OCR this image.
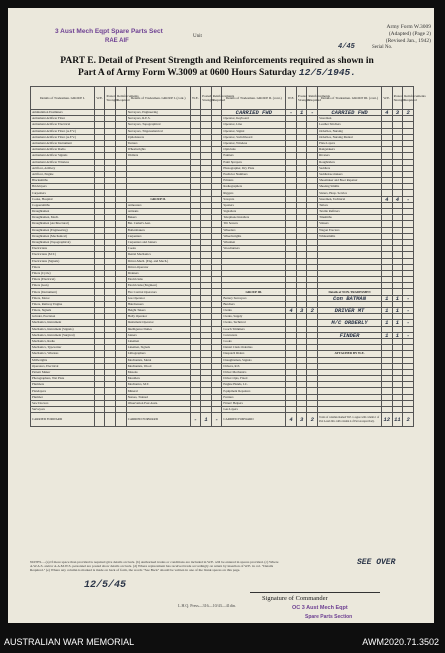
3 Aust Mech Eqpt Spare Parts Sect
RAE AIF
Unit
Army Form W.3009
(Adapted) (Page 2)
(Revised Jan., 1942)
4/45	Serial No.
PART E. Detail of Present Strength and Reinforcements required as shown in
Part A of Army Form W.3009 at 0600 Hours Saturday 12/5/1945.
Details of Tradesmen. GROUP I.	W.E.	Posted Strength	Reinforcements Required	Details of Tradesmen. GROUP I. (cont.)	W.E.	Posted Strength	Reinforcements Required	Details of Tradesmen. GROUP II. (cont.)	W.E.	Posted Strength	Reinforcements Required	Details of Tradesmen. GROUP III. (cont.)	W.E.	Posted Strength	Reinforcements Required
Ammunition Examiners				Surveyors, Engineering				CARRIED FWD	-	1	-	CARRIED FWD	4	3	2
Armament Artificer Fitter				Surveyors, R.E.S.				Operator, Keyboard				Storeman			
Armament Artificer Electrical				Surveyors, Topographical				Operator, Line				Leather Stitchers			
Armament Artificer Fitter (A.F.V.)				Surveyors, Trigonometrical				Operator, Signal				Orderlies, Nursing			
Armament Artificer Fitter (A.F.V.)				Upholsterers				Operator, Switchboard				Orderlies, Nursing Mental			
Armament Artificer Instrument				Turners				Operator, Wireless				Plate Layers			
Armament Artificer Radio				Wheelwrights				Opticians				Rangetakers			
Armament Artificer Signals				Welders				Painters				Riveters			
Armament Artificer Wireless								Paint Sprayers				Roughriders			
Artificer, Artillery								Photographer, Dry Plate				Saddlers			
Artificer, Engine								Predictor Numbers				Saddletree makers			
Blacksmiths								Printers				Shoemaker and Boot Repairer			
Bricklayers								Radiographers				Shoeing Smiths			
Carpenters								Riggers				Sisters, Hosp. Service			
Cooks, Hospital				GROUP II.				Sawyers				Storemen, Technical	4	4	-
Coppersmiths				Armourers				Spotters				Tailors			
Draughtsmen				Artisans				Signallers				Textile Refitters			
Draughtsmen, Mech.				Bakers				Telephone Installers				Tinsmiths			
Draughtsmen (Architectural)				Bat. Camel's Asst.				Tilt Sewers				Valuers			
Draughtsmen (Engineering)				Boilermakers				Wheelers				Wagon Erectors			
Draughtsmen (Mechanical)				Carpenters				Wheelwrights				Whitesmiths			
Draughtsmen (Topographical)				Carpenters and Joiners				Wiremen							
Electricians				Cooks				Woodturners							
Electricians (M.T.)				Dental Mechanics											
Electricians (Signals)				Driver-Mech. (Eng. and Mech.)											
Fitters				Driver-Operator											
Fitters (Cycle)				Drainers											
Fitters (Electrical)				Electricians											
Fitters (Gun)				Electricians (Engineer)											
Fitters (Instrument)				Fire Control Operators				GROUP III.				Details of NON-TRADESMEN			
Fitters, Motor				Gas Operator				Battery Surveyors				Con BATMAN	1	1	-
Fitters, Railway Engine				Hairdressers				Butchers							
Fitters, Signals				Height Takers				Clerks	4	3	2	DRIVER MT	1	1	-
Grinder, Precision				Holly Operator				Clerks, Supply							
Mechanics, Instrument				Instrument Operator				Clerks, Technical				M/C ORDERLY	1	1	-
Mechanics, Instrument (Signals)				Intelligence Duties				Coach Trimmers							
Mechanics, Instrument (Surgical)				Joiners				Concreters				FINDER	1	1	-
Mechanics, Radio				Linemen				Cooks							
Mechanics, Typewriter				Linemen, Signals				Dental Clerk Orderlies							
Mechanics, Wireless				Lithographers				Despatch Riders				ATTACHED BY W.E.			
Millwrights				Mechanists, Metal				Draughtsmen, Signals							
Operators, Electrical				Mechanists, Wood				Drivers, R.E.							
Pattern Maker				Masons				Driver Mechanics							
Photographers, Wet Plate				Moulders				Driver Opts, Fixed							
Plumbers				Mechanics, M.T.				Engine Hands, I.C.							
Platelayers				Mineral				Equipment Repairers							
Plumber				Nurses, Trained				Furriers							
Saw Doctors				Observation Post Assts.				Fitters' Helpers							
Surveyors								Gas Layers							
CARRIED FORWARD				CARRIED FORWARD	-	1	-	CARRIED FORWARD	4	3	2	Totals of columns marked W.E. to agree with column 1 of Part A and ditto with column 4 of Part A respectively.	12	11	2
NOTES.—(a) If more space than provided is required give details on back. (b) Authorised trades or conditions are included in W.E. will be entered in spaces provided. (c) Where A.W.A.S. and/or A.A.M.W.S. personnel are posted show details on back. (d) Where replacement has received trade accordingly on return by insertion of W.E. in col. "Details Required." (e) Where any column is marked is made on back of form, the words "See Back" should be written in one of the blank spaces on this page.
SEE OVER
12/5/45
L.H.Q. Press—316—10/43—41din.
Signature of Commander
OC 3 Aust Mech Eqpt
Spare Parts Section
AUSTRALIAN WAR MEMORIAL	AWM2020.71.3502
